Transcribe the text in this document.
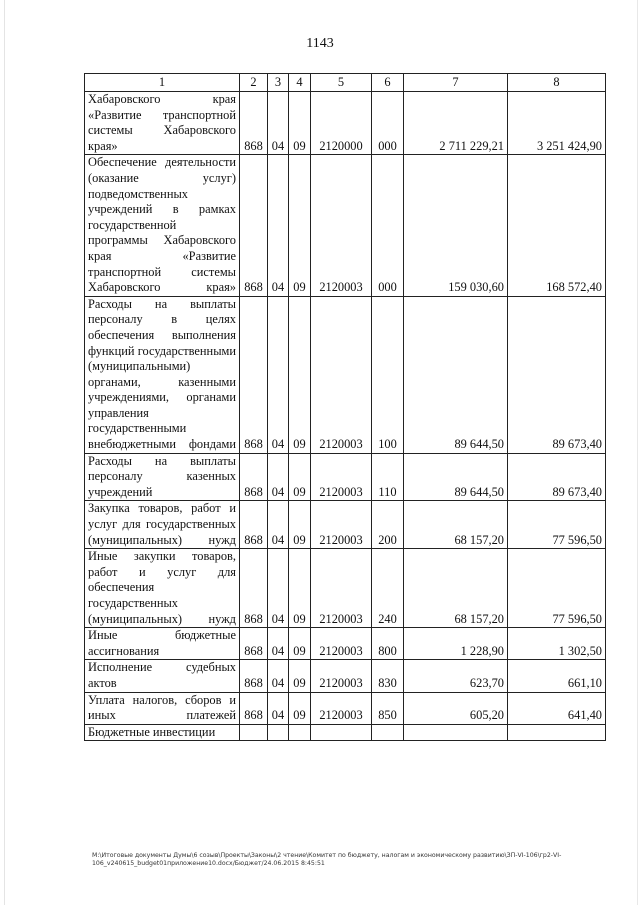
1143
1	2	3	4	5	6	7	8
Хабаровского края «Развитие транспортной системы Хабаровского края»	868	04	09	2120000	000	2 711 229,21	3 251 424,90
Обеспечение деятельности (оказание услуг) подведомственных учреждений в рамках государственной программы Хабаровского края «Развитие транспортной системы Хабаровского края»	868	04	09	2120003	000	159 030,60	168 572,40
Расходы на выплаты персоналу в целях обеспечения выполнения функций государственными (муниципальными) органами, казенными учреждениями, органами управления государственными внебюджетными фондами	868	04	09	2120003	100	89 644,50	89 673,40
Расходы на выплаты персоналу казенных учреждений	868	04	09	2120003	110	89 644,50	89 673,40
Закупка товаров, работ и услуг для государственных (муниципальных) нужд	868	04	09	2120003	200	68 157,20	77 596,50
Иные закупки товаров, работ и услуг для обеспечения государственных (муниципальных) нужд	868	04	09	2120003	240	68 157,20	77 596,50
Иные бюджетные ассигнования	868	04	09	2120003	800	1 228,90	1 302,50
Исполнение судебных актов	868	04	09	2120003	830	623,70	661,10
Уплата налогов, сборов и иных платежей	868	04	09	2120003	850	605,20	641,40
Бюджетные инвестиции							
М:\Итоговые документы Думы\6 созыв\Проекты\Законы\2 чтение\Комитет по бюджету, налогам и экономическому развитию\ЗП-VI-106\гр2-VI-
106_v240615_budget01приложение10.docx/Бюджет/24.06.2015 8:45:51
